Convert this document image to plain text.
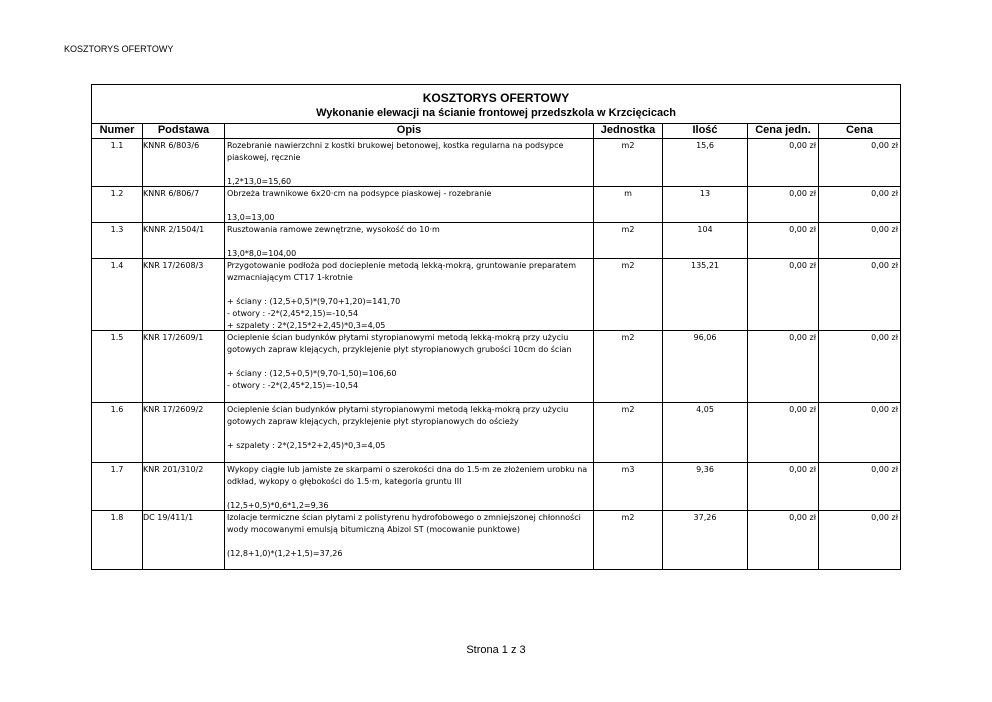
KOSZTORYS OFERTOWY
KOSZTORYS OFERTOWY
Wykonanie elewacji na ścianie frontowej przedszkola w Krzcięcicach
Numer	Podstawa	Opis	Jednostka	Ilość	Cena jedn.	Cena
1.1	KNNR 6/803/6	Rozebranie nawierzchni z kostki brukowej betonowej, kostka regularna na podsypce piaskowej, ręcznie
1,2*13,0=15,60
m2	15,6	0,00 zł	0,00 zł
1.2	KNNR 6/806/7	Obrzeża trawnikowe 6x20·cm na podsypce piaskowej - rozebranie
13,0=13,00
m	13	0,00 zł	0,00 zł
1.3	KNNR 2/1504/1	Rusztowania ramowe zewnętrzne, wysokość do 10·m
13,0*8,0=104,00
m2	104	0,00 zł	0,00 zł
1.4	KNR 17/2608/3	Przygotowanie podłoża pod docieplenie metodą lekką-mokrą, gruntowanie preparatem wzmacniającym CT17 1-krotnie
+ ściany : (12,5+0,5)*(9,70+1,20)=141,70
- otwory : -2*(2,45*2,15)=-10,54
+ szpalety : 2*(2,15*2+2,45)*0,3=4,05
m2	135,21	0,00 zł	0,00 zł
1.5	KNR 17/2609/1	Ocieplenie ścian budynków płytami styropianowymi metodą lekką-mokrą przy użyciu gotowych zapraw klejących, przyklejenie płyt styropianowych grubości 10cm do ścian
+ ściany : (12,5+0,5)*(9,70-1,50)=106,60
- otwory : -2*(2,45*2,15)=-10,54
m2	96,06	0,00 zł	0,00 zł
1.6	KNR 17/2609/2	Ocieplenie ścian budynków płytami styropianowymi metodą lekką-mokrą przy użyciu gotowych zapraw klejących, przyklejenie płyt styropianowych do ościeży
+ szpalety : 2*(2,15*2+2,45)*0,3=4,05
m2	4,05	0,00 zł	0,00 zł
1.7	KNR 201/310/2	Wykopy ciągłe lub jamiste ze skarpami o szerokości dna do 1.5·m ze złożeniem urobku na odkład, wykopy o głębokości do 1.5·m, kategoria gruntu III
(12,5+0,5)*0,6*1,2=9,36
m3	9,36	0,00 zł	0,00 zł
1.8	DC 19/411/1	Izolacje termiczne ścian płytami z polistyrenu hydrofobowego o zmniejszonej chłonności wody mocowanymi emulsją bitumiczną Abizol ST (mocowanie punktowe)
(12,8+1,0)*(1,2+1,5)=37,26
m2	37,26	0,00 zł	0,00 zł
Strona 1 z 3
